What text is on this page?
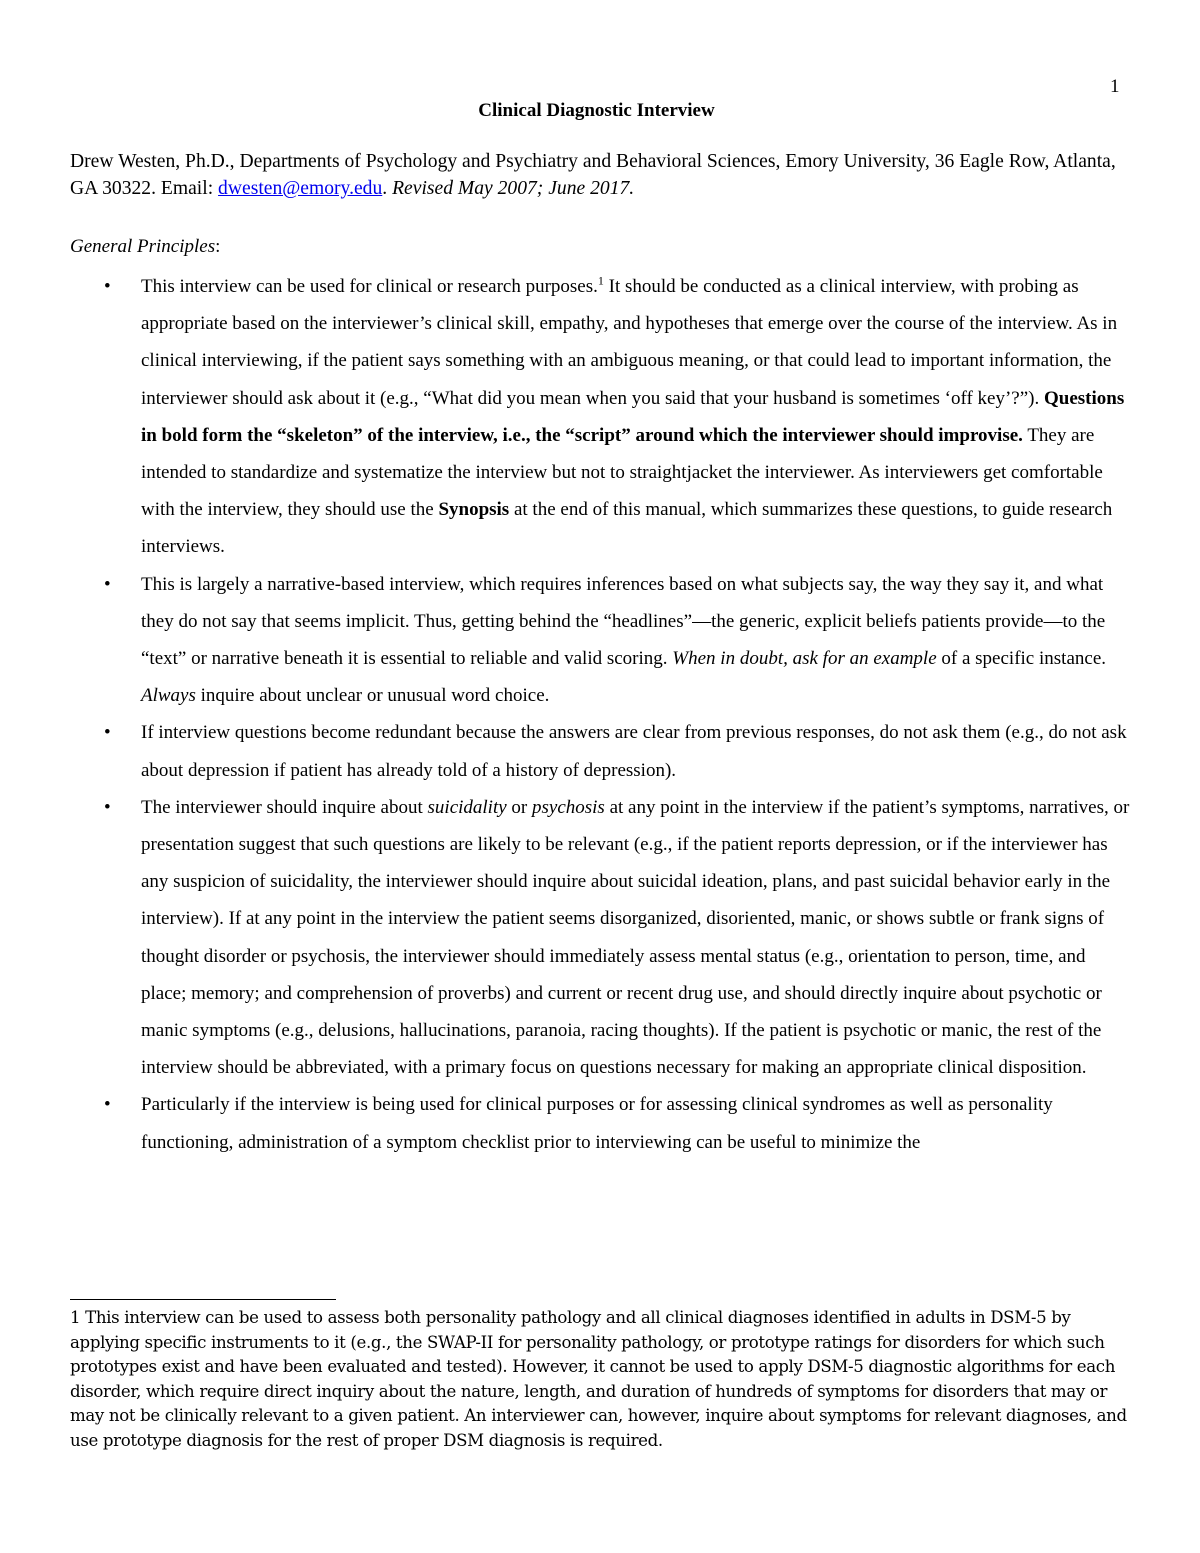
1
Clinical Diagnostic Interview
Drew Westen, Ph.D., Departments of Psychology and Psychiatry and Behavioral Sciences, Emory University, 36 Eagle Row, Atlanta, GA 30322. Email: dwesten@emory.edu. Revised May 2007; June 2017.
General Principles:
• This interview can be used for clinical or research purposes.$^1$ It should be conducted as a clinical interview, with probing as appropriate based on the interviewer’s clinical skill, empathy, and hypotheses that emerge over the course of the interview. As in clinical interviewing, if the patient says something with an ambiguous meaning, or that could lead to important information, the interviewer should ask about it (e.g., “What did you mean when you said that your husband is sometimes ‘off key’?”). Questions in bold form the “skeleton” of the interview, i.e., the “script” around which the interviewer should improvise. They are intended to standardize and systematize the interview but not to straightjacket the interviewer. As interviewers get comfortable with the interview, they should use the Synopsis at the end of this manual, which summarizes these questions, to guide research interviews.
• This is largely a narrative-based interview, which requires inferences based on what subjects say, the way they say it, and what they do not say that seems implicit. Thus, getting behind the “headlines”—the generic, explicit beliefs patients provide—to the “text” or narrative beneath it is essential to reliable and valid scoring. When in doubt, ask for an example of a specific instance. Always inquire about unclear or unusual word choice.
• If interview questions become redundant because the answers are clear from previous responses, do not ask them (e.g., do not ask about depression if patient has already told of a history of depression).
• The interviewer should inquire about suicidality or psychosis at any point in the interview if the patient’s symptoms, narratives, or presentation suggest that such questions are likely to be relevant (e.g., if the patient reports depression, or if the interviewer has any suspicion of suicidality, the interviewer should inquire about suicidal ideation, plans, and past suicidal behavior early in the interview). If at any point in the interview the patient seems disorganized, disoriented, manic, or shows subtle or frank signs of thought disorder or psychosis, the interviewer should immediately assess mental status (e.g., orientation to person, time, and place; memory; and comprehension of proverbs) and current or recent drug use, and should directly inquire about psychotic or manic symptoms (e.g., delusions, hallucinations, paranoia, racing thoughts). If the patient is psychotic or manic, the rest of the interview should be abbreviated, with a primary focus on questions necessary for making an appropriate clinical disposition.
• Particularly if the interview is being used for clinical purposes or for assessing clinical syndromes as well as personality functioning, administration of a symptom checklist prior to interviewing can be useful to minimize the
1 This interview can be used to assess both personality pathology and all clinical diagnoses identified in adults in DSM-5 by applying specific instruments to it (e.g., the SWAP-II for personality pathology, or prototype ratings for disorders for which such prototypes exist and have been evaluated and tested). However, it cannot be used to apply DSM-5 diagnostic algorithms for each disorder, which require direct inquiry about the nature, length, and duration of hundreds of symptoms for disorders that may or may not be clinically relevant to a given patient. An interviewer can, however, inquire about symptoms for relevant diagnoses, and use prototype diagnosis for the rest of proper DSM diagnosis is required.
